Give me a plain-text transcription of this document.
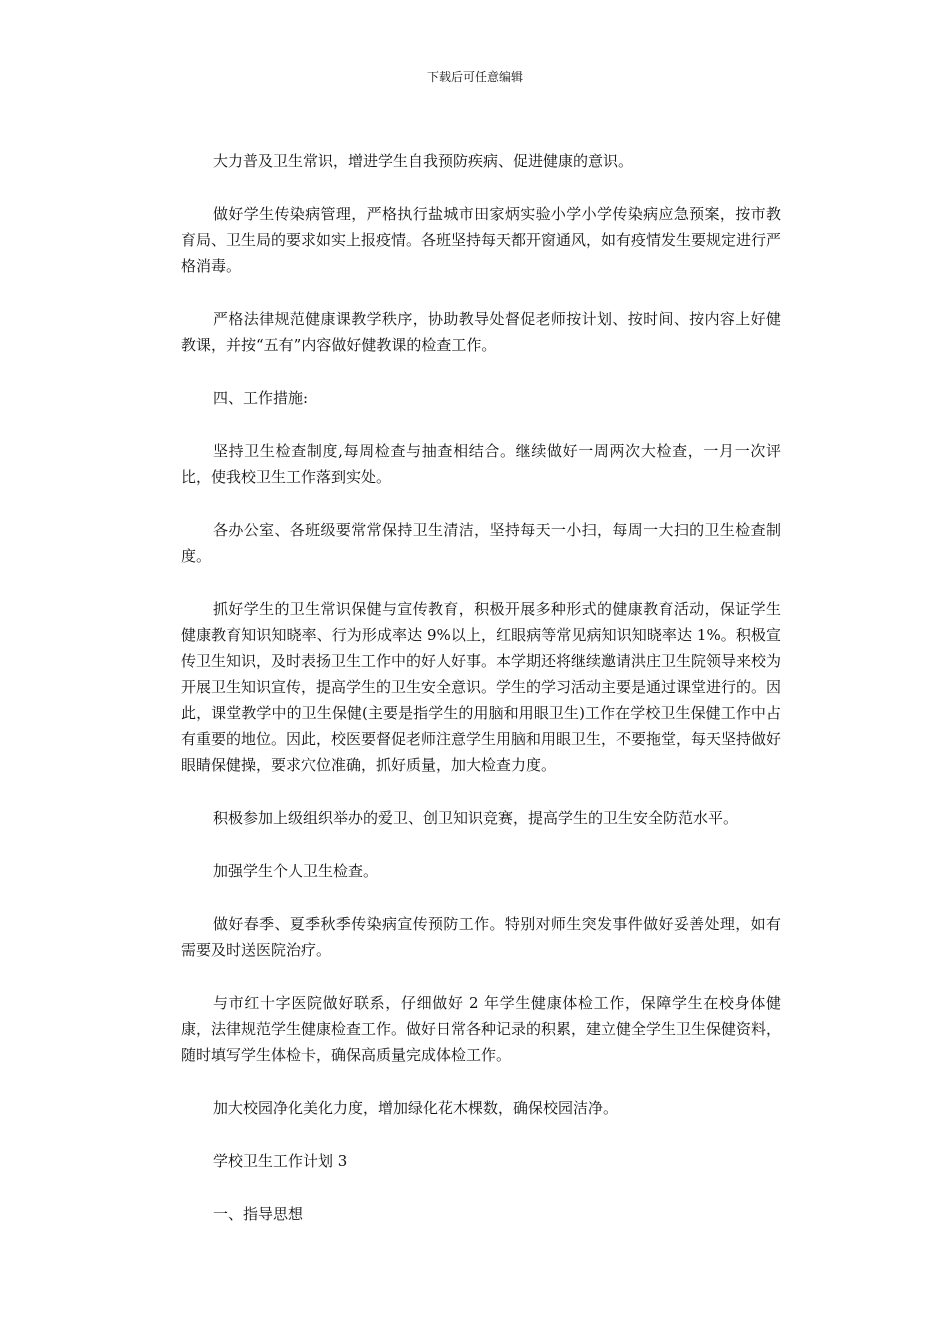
下载后可任意编辑

大力普及卫生常识，增进学生自我预防疾病、促进健康的意识。

做好学生传染病管理，严格执行盐城市田家炳实验小学小学传染病应急预案，按市教育局、卫生局的要求如实上报疫情。各班坚持每天都开窗通风，如有疫情发生要规定进行严格消毒。

严格法律规范健康课教学秩序，协助教导处督促老师按计划、按时间、按内容上好健教课，并按“五有”内容做好健教课的检查工作。

四、工作措施:

坚持卫生检查制度,每周检查与抽查相结合。继续做好一周两次大检查，一月一次评比，使我校卫生工作落到实处。

各办公室、各班级要常常保持卫生清洁，坚持每天一小扫，每周一大扫的卫生检查制度。

抓好学生的卫生常识保健与宣传教育，积极开展多种形式的健康教育活动，保证学生健康教育知识知晓率、行为形成率达 9%以上，红眼病等常见病知识知晓率达 1%。积极宣传卫生知识，及时表扬卫生工作中的好人好事。本学期还将继续邀请洪庄卫生院领导来校为开展卫生知识宣传，提高学生的卫生安全意识。学生的学习活动主要是通过课堂进行的。因此，课堂教学中的卫生保健(主要是指学生的用脑和用眼卫生)工作在学校卫生保健工作中占有重要的地位。因此，校医要督促老师注意学生用脑和用眼卫生，不要拖堂，每天坚持做好眼睛保健操，要求穴位准确，抓好质量，加大检查力度。

积极参加上级组织举办的爱卫、创卫知识竞赛，提高学生的卫生安全防范水平。

加强学生个人卫生检查。

做好春季、夏季秋季传染病宣传预防工作。特别对师生突发事件做好妥善处理，如有需要及时送医院治疗。

与市红十字医院做好联系，仔细做好 2 年学生健康体检工作，保障学生在校身体健康，法律规范学生健康检查工作。做好日常各种记录的积累，建立健全学生卫生保健资料，随时填写学生体检卡，确保高质量完成体检工作。

加大校园净化美化力度，增加绿化花木棵数，确保校园洁净。

学校卫生工作计划 3

一、指导思想
